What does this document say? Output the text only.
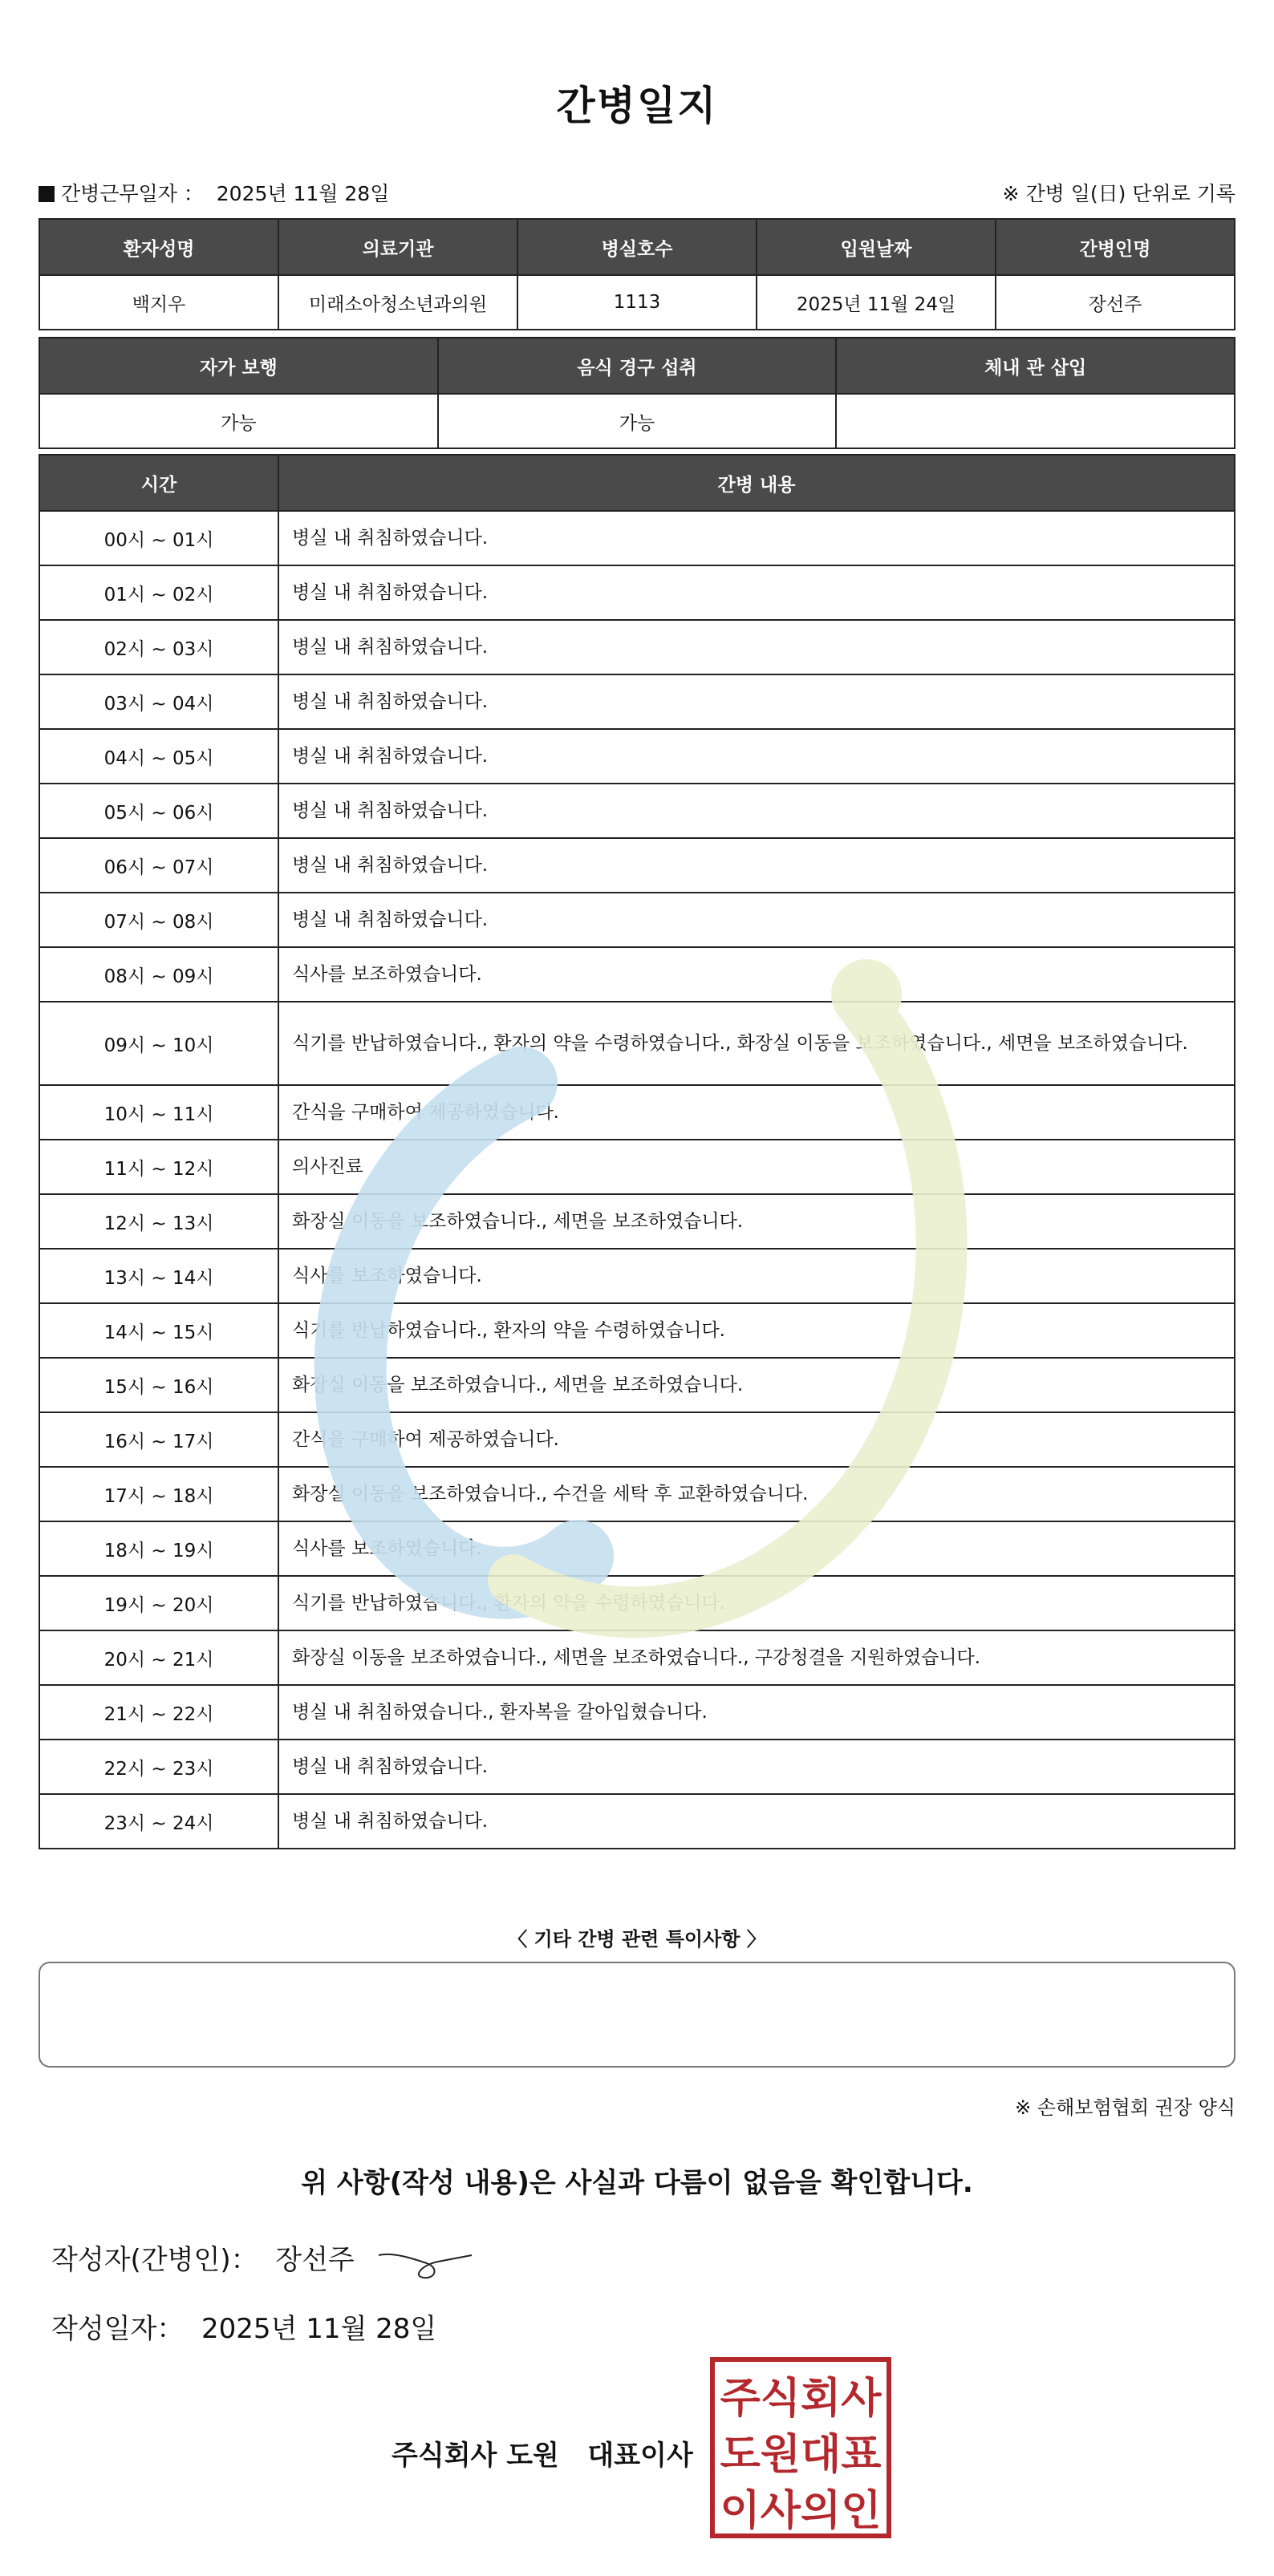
간병일지
간병근무일자 ： 2025년 11월 28일	※ 간병 일(日) 단위로 기록
환자성명	의료기관	병실호수	입원날짜	간병인명
백지우	미래소아청소년과의원	1113	2025년 11월 24일	장선주
자가 보행	음식 경구 섭취	체내 관 삽입
가능	가능	
시간	간병 내용
00시 ~ 01시	병실 내 취침하였습니다.
01시 ~ 02시	병실 내 취침하였습니다.
02시 ~ 03시	병실 내 취침하였습니다.
03시 ~ 04시	병실 내 취침하였습니다.
04시 ~ 05시	병실 내 취침하였습니다.
05시 ~ 06시	병실 내 취침하였습니다.
06시 ~ 07시	병실 내 취침하였습니다.
07시 ~ 08시	병실 내 취침하였습니다.
08시 ~ 09시	식사를 보조하였습니다.
09시 ~ 10시	식기를 반납하였습니다., 환자의 약을 수령하였습니다., 화장실 이동을 보조하였습니다., 세면을 보조하였습니다.
10시 ~ 11시	간식을 구매하여 제공하였습니다.
11시 ~ 12시	의사진료
12시 ~ 13시	화장실 이동을 보조하였습니다., 세면을 보조하였습니다.
13시 ~ 14시	식사를 보조하였습니다.
14시 ~ 15시	식기를 반납하였습니다., 환자의 약을 수령하였습니다.
15시 ~ 16시	화장실 이동을 보조하였습니다., 세면을 보조하였습니다.
16시 ~ 17시	간식을 구매하여 제공하였습니다.
17시 ~ 18시	화장실 이동을 보조하였습니다., 수건을 세탁 후 교환하였습니다.
18시 ~ 19시	식사를 보조하였습니다.
19시 ~ 20시	식기를 반납하였습니다., 환자의 약을 수령하였습니다.
20시 ~ 21시	화장실 이동을 보조하였습니다., 세면을 보조하였습니다., 구강청결을 지원하였습니다.
21시 ~ 22시	병실 내 취침하였습니다., 환자복을 갈아입혔습니다.
22시 ~ 23시	병실 내 취침하였습니다.
23시 ~ 24시	병실 내 취침하였습니다.
〈 기타 간병 관련 특이사항 〉
※ 손해보험협회 권장 양식
위 사항(작성 내용)은 사실과 다름이 없음을 확인합니다.
작성자(간병인)： 장선주
작성일자： 2025년 11월 28일
주식회사 도원 대표이사
주식회사
도원대표
이사의인
